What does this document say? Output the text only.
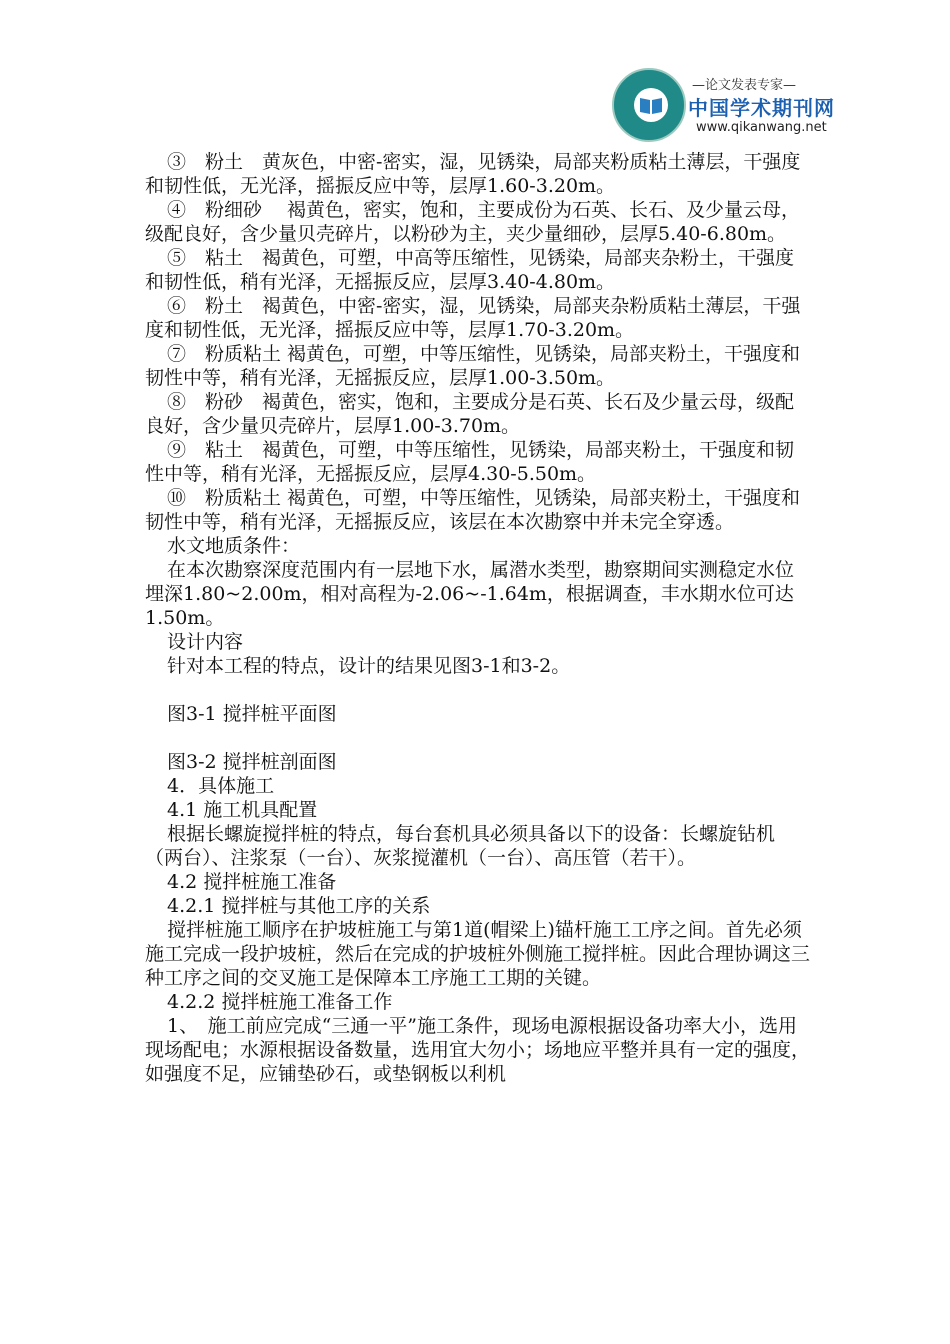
—论文发表专家—
中国学术期刊网
www.qikanwang.net

③　粉土　黄灰色，中密-密实，湿，见锈染，局部夹粉质粘土薄层，干强度和韧性低，无光泽，摇振反应中等，层厚1.60-3.20m。

④　粉细砂　 褐黄色，密实，饱和，主要成份为石英、长石、及少量云母，级配良好，含少量贝壳碎片，以粉砂为主，夹少量细砂，层厚5.40-6.80m。

⑤　粘土　褐黄色，可塑，中高等压缩性，见锈染，局部夹杂粉土，干强度和韧性低，稍有光泽，无摇振反应，层厚3.40-4.80m。

⑥　粉土　褐黄色，中密-密实，湿，见锈染，局部夹杂粉质粘土薄层，干强度和韧性低，无光泽，摇振反应中等，层厚1.70-3.20m。

⑦　粉质粘土 褐黄色，可塑，中等压缩性，见锈染，局部夹粉土，干强度和韧性中等，稍有光泽，无摇振反应，层厚1.00-3.50m。

⑧　粉砂　褐黄色，密实，饱和，主要成分是石英、长石及少量云母，级配良好，含少量贝壳碎片，层厚1.00-3.70m。

⑨　粘土　褐黄色，可塑，中等压缩性，见锈染，局部夹粉土，干强度和韧性中等，稍有光泽，无摇振反应，层厚4.30-5.50m。

⑩　粉质粘土 褐黄色，可塑，中等压缩性，见锈染，局部夹粉土，干强度和韧性中等，稍有光泽，无摇振反应，该层在本次勘察中并未完全穿透。

水文地质条件：

在本次勘察深度范围内有一层地下水，属潜水类型，勘察期间实测稳定水位埋深1.80~2.00m，相对高程为-2.06~-1.64m，根据调查，丰水期水位可达1.50m。

设计内容

针对本工程的特点，设计的结果见图3-1和3-2。

图3-1 搅拌桩平面图

图3-2 搅拌桩剖面图

4．具体施工

4.1 施工机具配置

根据长螺旋搅拌桩的特点，每台套机具必须具备以下的设备：长螺旋钻机（两台）、注浆泵（一台）、灰浆搅灌机（一台）、高压管（若干）。

4.2 搅拌桩施工准备

4.2.1 搅拌桩与其他工序的关系

搅拌桩施工顺序在护坡桩施工与第1道(帽梁上)锚杆施工工序之间。首先必须施工完成一段护坡桩，然后在完成的护坡桩外侧施工搅拌桩。因此合理协调这三种工序之间的交叉施工是保障本工序施工工期的关键。

4.2.2 搅拌桩施工准备工作

1、　施工前应完成“三通一平”施工条件，现场电源根据设备功率大小，选用现场配电；水源根据设备数量，选用宜大勿小；场地应平整并具有一定的强度，如强度不足，应铺垫砂石，或垫钢板以利机
